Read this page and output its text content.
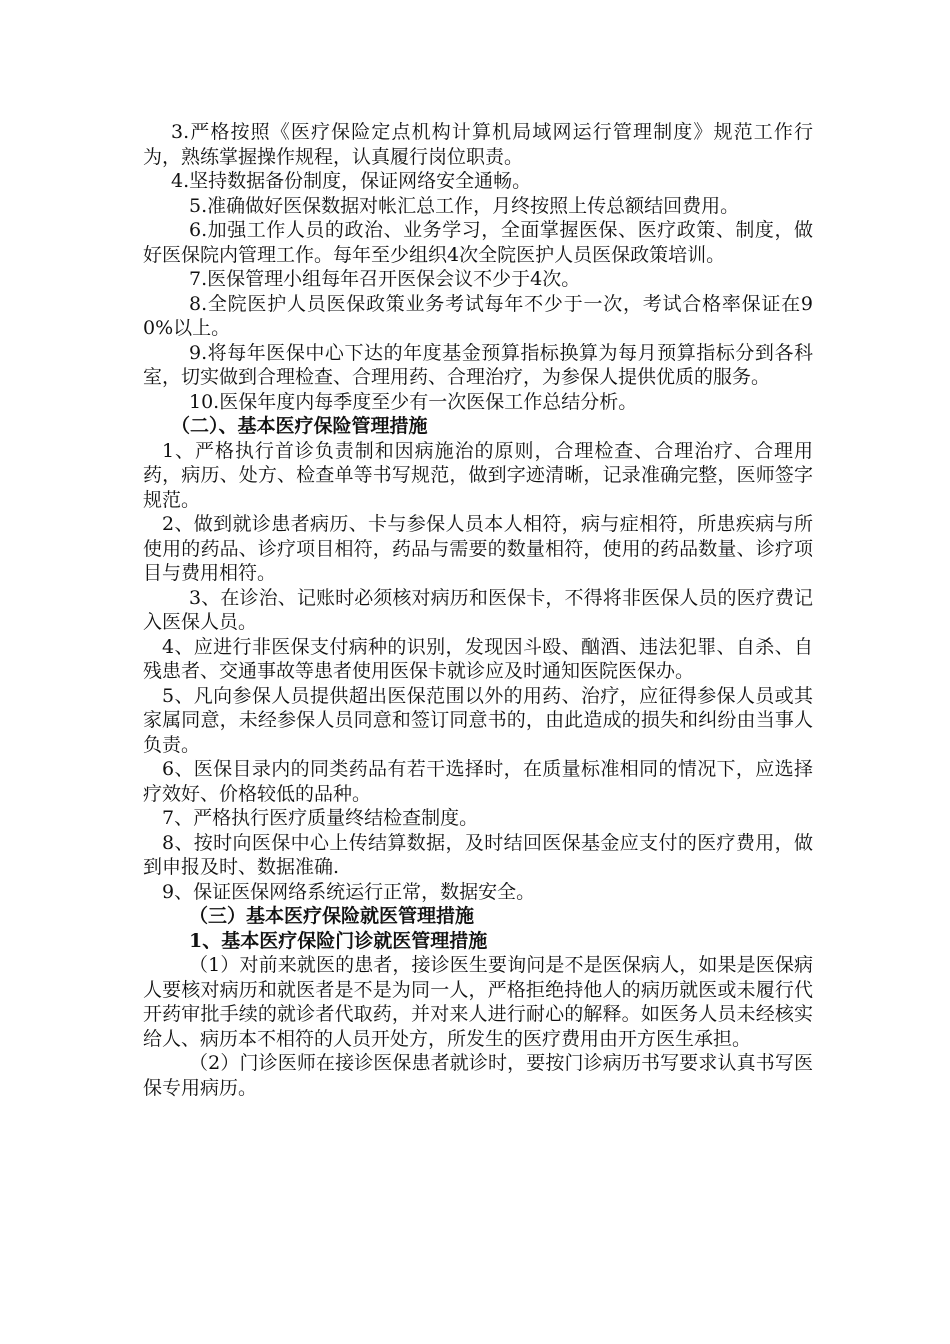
3.严格按照《医疗保险定点机构计算机局域网运行管理制度》规范工作行为，熟练掌握操作规程，认真履行岗位职责。

4.坚持数据备份制度，保证网络安全通畅。

5.准确做好医保数据对帐汇总工作，月终按照上传总额结回费用。

6.加强工作人员的政治、业务学习，全面掌握医保、医疗政策、制度，做好医保院内管理工作。每年至少组织4次全院医护人员医保政策培训。

7.医保管理小组每年召开医保会议不少于4次。

8.全院医护人员医保政策业务考试每年不少于一次，考试合格率保证在90%以上。

9.将每年医保中心下达的年度基金预算指标换算为每月预算指标分到各科室，切实做到合理检查、合理用药、合理治疗，为参保人提供优质的服务。

10.医保年度内每季度至少有一次医保工作总结分析。

（二）、基本医疗保险管理措施

1、严格执行首诊负责制和因病施治的原则，合理检查、合理治疗、合理用药，病历、处方、检查单等书写规范，做到字迹清晰，记录准确完整，医师签字规范。

2、做到就诊患者病历、卡与参保人员本人相符，病与症相符，所患疾病与所使用的药品、诊疗项目相符，药品与需要的数量相符，使用的药品数量、诊疗项目与费用相符。

3、在诊治、记账时必须核对病历和医保卡，不得将非医保人员的医疗费记入医保人员。

4、应进行非医保支付病种的识别，发现因斗殴、酗酒、违法犯罪、自杀、自残患者、交通事故等患者使用医保卡就诊应及时通知医院医保办。

5、凡向参保人员提供超出医保范围以外的用药、治疗，应征得参保人员或其家属同意，未经参保人员同意和签订同意书的，由此造成的损失和纠纷由当事人负责。

6、医保目录内的同类药品有若干选择时，在质量标准相同的情况下，应选择疗效好、价格较低的品种。

7、严格执行医疗质量终结检查制度。

8、按时向医保中心上传结算数据，及时结回医保基金应支付的医疗费用，做到申报及时、数据准确.

9、保证医保网络系统运行正常，数据安全。

（三）基本医疗保险就医管理措施

1、基本医疗保险门诊就医管理措施

（1）对前来就医的患者，接诊医生要询问是不是医保病人，如果是医保病人要核对病历和就医者是不是为同一人，严格拒绝持他人的病历就医或未履行代开药审批手续的就诊者代取药，并对来人进行耐心的解释。如医务人员未经核实给人、病历本不相符的人员开处方，所发生的医疗费用由开方医生承担。

（2）门诊医师在接诊医保患者就诊时，要按门诊病历书写要求认真书写医保专用病历。
